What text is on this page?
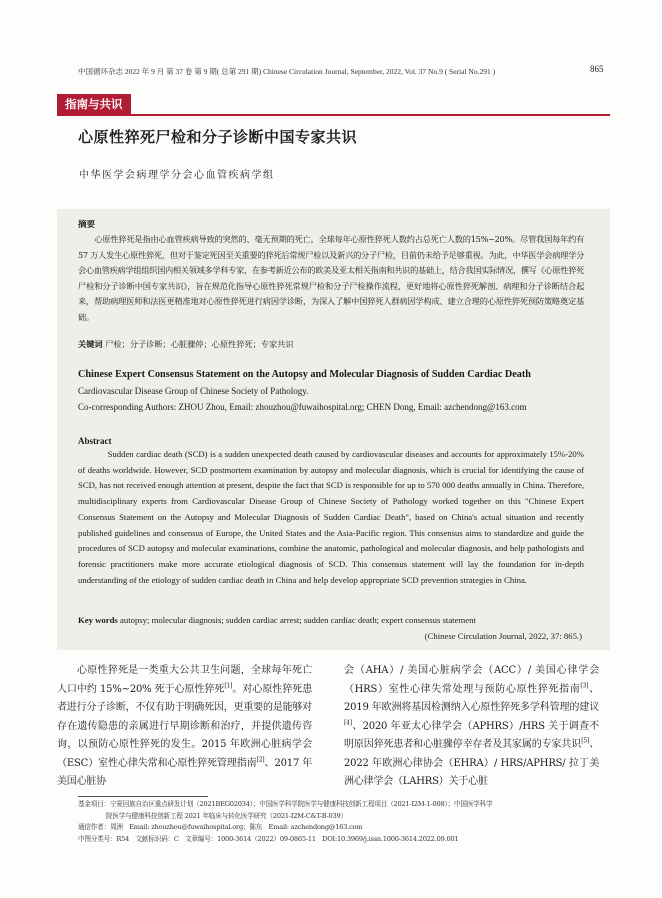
中国循环杂志 2022 年 9 月 第 37 卷 第 9 期( 总第 291 期) Chinese Circulation Journal, September, 2022, Vol. 37 No.9 ( Serial No.291 )	865
指南与共识
心原性猝死尸检和分子诊断中国专家共识
中华医学会病理学分会心血管疾病学组
摘要
心原性猝死是指由心血管疾病导致的突然的、毫无预期的死亡，全球每年心原性猝死人数约占总死亡人数的15%~20%。尽管我国每年约有 57 万人发生心原性猝死，但对于鉴定死因至关重要的猝死后常规尸检以及新兴的分子尸检，目前仍未给予足够重视。为此，中华医学会病理学分会心血管疾病学组组织国内相关领域多学科专家，在参考新近公布的欧美及亚太相关指南和共识的基础上，结合我国实际情况，撰写《心原性猝死尸检和分子诊断中国专家共识》，旨在规范化指导心原性猝死常规尸检和分子尸检操作流程，更好地将心原性猝死解剖、病理和分子诊断结合起来，帮助病理医师和法医更精准地对心原性猝死进行病因学诊断，为深入了解中国猝死人群病因学构成、建立合理的心原性猝死预防策略奠定基础。
关键词 尸检；分子诊断；心脏骤停；心原性猝死；专家共识
Chinese Expert Consensus Statement on the Autopsy and Molecular Diagnosis of Sudden Cardiac Death
Cardiovascular Disease Group of Chinese Society of Pathology.
Co-corresponding Authors: ZHOU Zhou, Email: zhouzhou@fuwaihospital.org; CHEN Dong, Email: azchendong@163.com
Abstract
Sudden cardiac death (SCD) is a sudden unexpected death caused by cardiovascular diseases and accounts for approximately 15%-20% of deaths worldwide. However, SCD postmortem examination by autopsy and molecular diagnosis, which is crucial for identifying the cause of SCD, has not received enough attention at present, despite the fact that SCD is responsible for up to 570 000 deaths annually in China. Therefore, multidisciplinary experts from Cardiovascular Disease Group of Chinese Society of Pathology worked together on this "Chinese Expert Consensus Statement on the Autopsy and Molecular Diagnosis of Sudden Cardiac Death", based on China's actual situation and recently published guidelines and consensus of Europe, the United States and the Asia-Pacific region. This consensus aims to standardize and guide the procedures of SCD autopsy and molecular examinations, combine the anatomic, pathological and molecular diagnosis, and help pathologists and forensic practitioners make more accurate etiological diagnosis of SCD. This consensus statement will lay the foundation for in-depth understanding of the etiology of sudden cardiac death in China and help develop appropriate SCD prevention strategies in China.
Key words autopsy; molecular diagnosis; sudden cardiac arrest; sudden cardiac death; expert consensus statement
(Chinese Circulation Journal, 2022, 37: 865.)
心原性猝死是一类重大公共卫生问题，全球每年死亡人口中约 15%~20% 死于心原性猝死[1]。对心原性猝死患者进行分子诊断，不仅有助于明确死因，更重要的是能够对存在遗传隐患的亲属进行早期诊断和治疗，并提供遗传咨询，以预防心原性猝死的发生。2015 年欧洲心脏病学会（ESC）室性心律失常和心原性猝死管理指南[2]、2017 年美国心脏协
会（AHA）/ 美国心脏病学会（ACC）/ 美国心律学会（HRS）室性心律失常处理与预防心原性猝死指南[3]、2019 年欧洲将基因检测纳入心原性猝死多学科管理的建议[4]、2020 年亚太心律学会（APHRS）/HRS 关于调查不明原因猝死患者和心脏骤停幸存者及其家属的专家共识[5]、2022 年欧洲心律协会（EHRA）/ HRS/APHRS/ 拉丁美洲心律学会（LAHRS）关于心脏
基金项目：宁夏回族自治区重点研发计划（2021BEG02034）；中国医学科学院医学与健康科技创新工程项目（2021-I2M-1-008）；中国医学科学
院医学与健康科技创新工程 2021 年临床与转化医学研究（2021-I2M-C&T-B-039）
通信作者：周洲　Email: zhouzhou@fuwaihospital.org；陈东　Email: azchendong@163.com
中图分类号：R54　文献标识码：C　文章编号：1000-3614（2022）09-0865-11　DOI:10.3969/j.issn.1000-3614.2022.09.001
